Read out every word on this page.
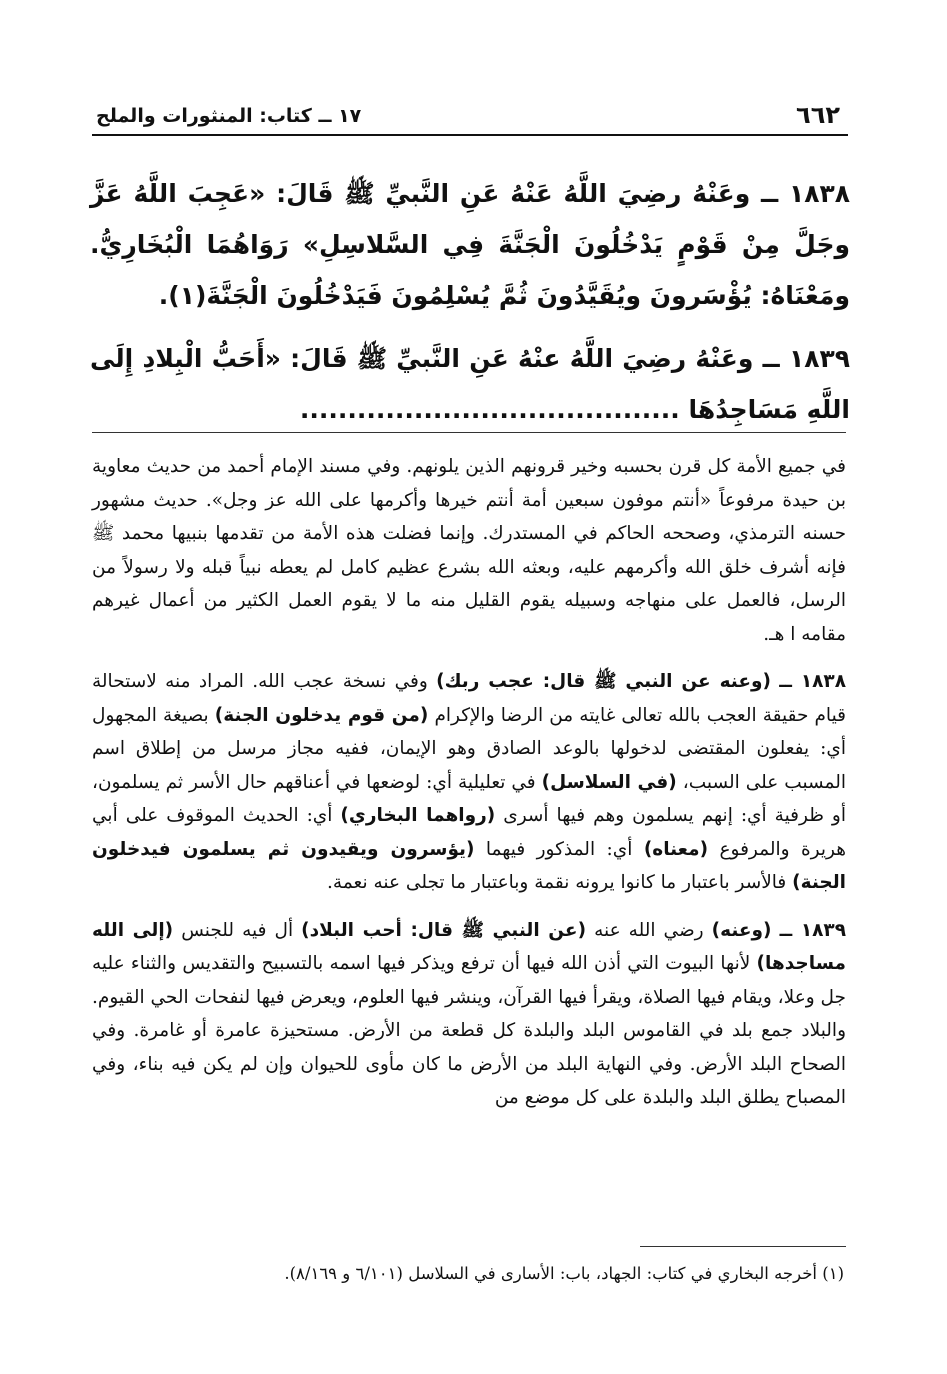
٦٦٢
١٧ ــ كتاب: المنثورات والملح

١٨٣٨ ــ وعَنْهُ رضِيَ اللَّهُ عَنْهُ عَنِ النَّبيِّ ﷺ قَالَ: «عَجِبَ اللَّهُ عَزَّ وجَلَّ مِنْ قَوْمٍ يَدْخُلُونَ الْجَنَّةَ فِي السَّلاسِلِ» رَوَاهُمَا الْبُخَارِيُّ. ومَعْنَاهُ: يُؤْسَرونَ ويُقَيَّدُونَ ثُمَّ يُسْلِمُونَ فَيَدْخُلُونَ الْجَنَّةَ(١).

١٨٣٩ ــ وعَنْهُ رضِيَ اللَّهُ عنْهُ عَنِ النَّبيِّ ﷺ قَالَ: «أَحَبُّ الْبِلادِ إِلَى اللَّهِ مَسَاجِدُهَا ........................................

في جميع الأمة كل قرن بحسبه وخير قرونهم الذين يلونهم. وفي مسند الإمام أحمد من حديث معاوية بن حيدة مرفوعاً «أنتم موفون سبعين أمة أنتم خيرها وأكرمها على الله عز وجل». حديث مشهور حسنه الترمذي، وصححه الحاكم في المستدرك. وإنما فضلت هذه الأمة من تقدمها بنبيها محمد ﷺ فإنه أشرف خلق الله وأكرمهم عليه، وبعثه الله بشرع عظيم كامل لم يعطه نبياً قبله ولا رسولاً من الرسل، فالعمل على منهاجه وسبيله يقوم القليل منه ما لا يقوم العمل الكثير من أعمال غيرهم مقامه ا هـ.

١٨٣٨ ــ (وعنه عن النبي ﷺ قال: عجب ربك) وفي نسخة عجب الله. المراد منه لاستحالة قيام حقيقة العجب بالله تعالى غايته من الرضا والإكرام (من قوم يدخلون الجنة) بصيغة المجهول أي: يفعلون المقتضى لدخولها بالوعد الصادق وهو الإيمان، ففيه مجاز مرسل من إطلاق اسم المسبب على السبب، (في السلاسل) في تعليلية أي: لوضعها في أعناقهم حال الأسر ثم يسلمون، أو ظرفية أي: إنهم يسلمون وهم فيها أسرى (رواهما البخاري) أي: الحديث الموقوف على أبي هريرة والمرفوع (معناه) أي: المذكور فيهما (يؤسرون ويقيدون ثم يسلمون فيدخلون الجنة) فالأسر باعتبار ما كانوا يرونه نقمة وباعتبار ما تجلى عنه نعمة.

١٨٣٩ ــ (وعنه) رضي الله عنه (عن النبي ﷺ قال: أحب البلاد) أل فيه للجنس (إلى الله مساجدها) لأنها البيوت التي أذن الله فيها أن ترفع ويذكر فيها اسمه بالتسبيح والتقديس والثناء عليه جل وعلا، ويقام فيها الصلاة، ويقرأ فيها القرآن، وينشر فيها العلوم، ويعرض فيها لنفحات الحي القيوم. والبلاد جمع بلد في القاموس البلد والبلدة كل قطعة من الأرض. مستحيزة عامرة أو غامرة. وفي الصحاح البلد الأرض. وفي النهاية البلد من الأرض ما كان مأوى للحيوان وإن لم يكن فيه بناء، وفي المصباح يطلق البلد والبلدة على كل موضع من

(١) أخرجه البخاري في كتاب: الجهاد، باب: الأسارى في السلاسل (٦/١٠١ و ٨/١٦٩).
